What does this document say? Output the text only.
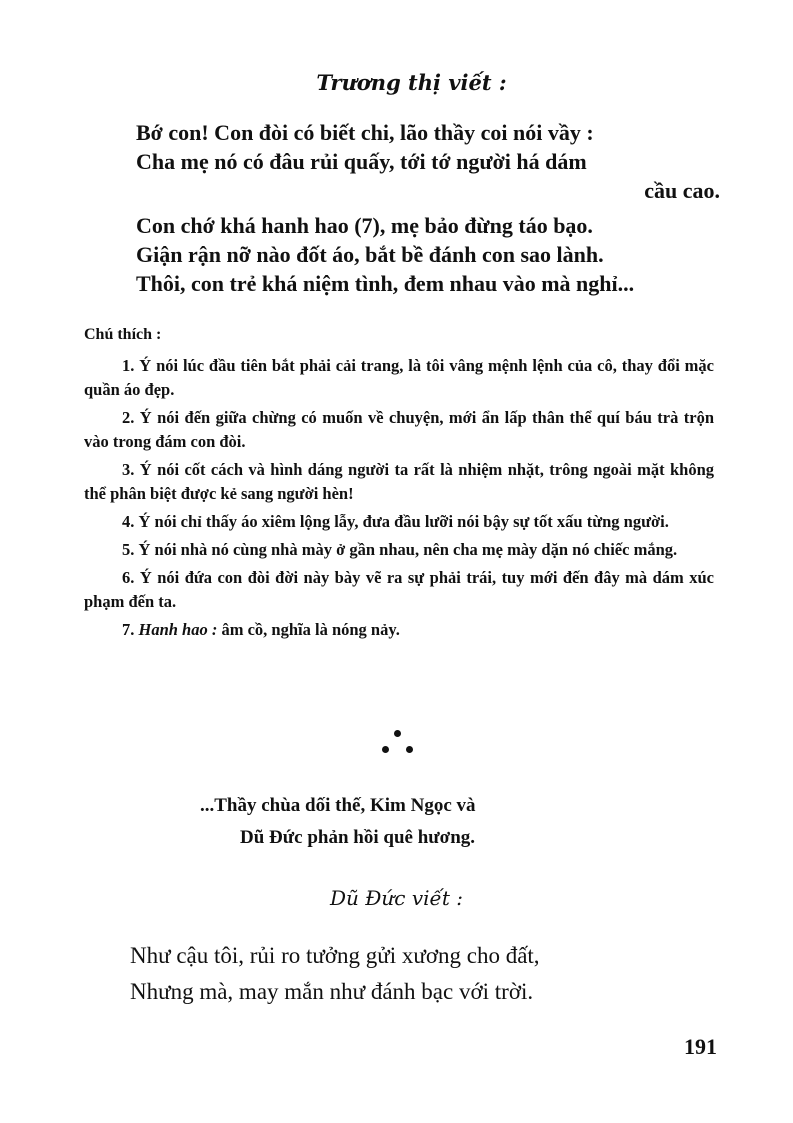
Trương thị viết :
Bớ con! Con đòi có biết chi, lão thầy coi nói vầy :
Cha mẹ nó có đâu rủi quấy, tới tớ người há dám
cầu cao.
Con chớ khá hanh hao (7), mẹ bảo đừng táo bạo.
Giận rận nỡ nào đốt áo, bắt bề đánh con sao lành.
Thôi, con trẻ khá niệm tình, đem nhau vào mà nghỉ...
Chú thích :

1. Ý nói lúc đầu tiên bắt phải cải trang, là tôi vâng mệnh lệnh của cô, thay đổi mặc quần áo đẹp.

2. Ý nói đến giữa chừng có muốn về chuyện, mới ẩn lấp thân thể quí báu trà trộn vào trong đám con đòi.

3. Ý nói cốt cách và hình dáng người ta rất là nhiệm nhặt, trông ngoài mặt không thể phân biệt được kẻ sang người hèn!

4. Ý nói chỉ thấy áo xiêm lộng lẫy, đưa đầu lưỡi nói bậy sự tốt xấu từng người.

5. Ý nói nhà nó cùng nhà mày ở gần nhau, nên cha mẹ mày dặn nó chiếc mắng.

6. Ý nói đứa con đòi đời này bày vẽ ra sự phải trái, tuy mới đến đây mà dám xúc phạm đến ta.

7. Hanh hao : âm cồ, nghĩa là nóng nảy.

...Thầy chùa dối thế, Kim Ngọc và
Dũ Đức phản hồi quê hương.
Dũ Đức viết :
Như cậu tôi, rủi ro tưởng gửi xương cho đất,
Nhưng mà, may mắn như đánh bạc với trời.
191
